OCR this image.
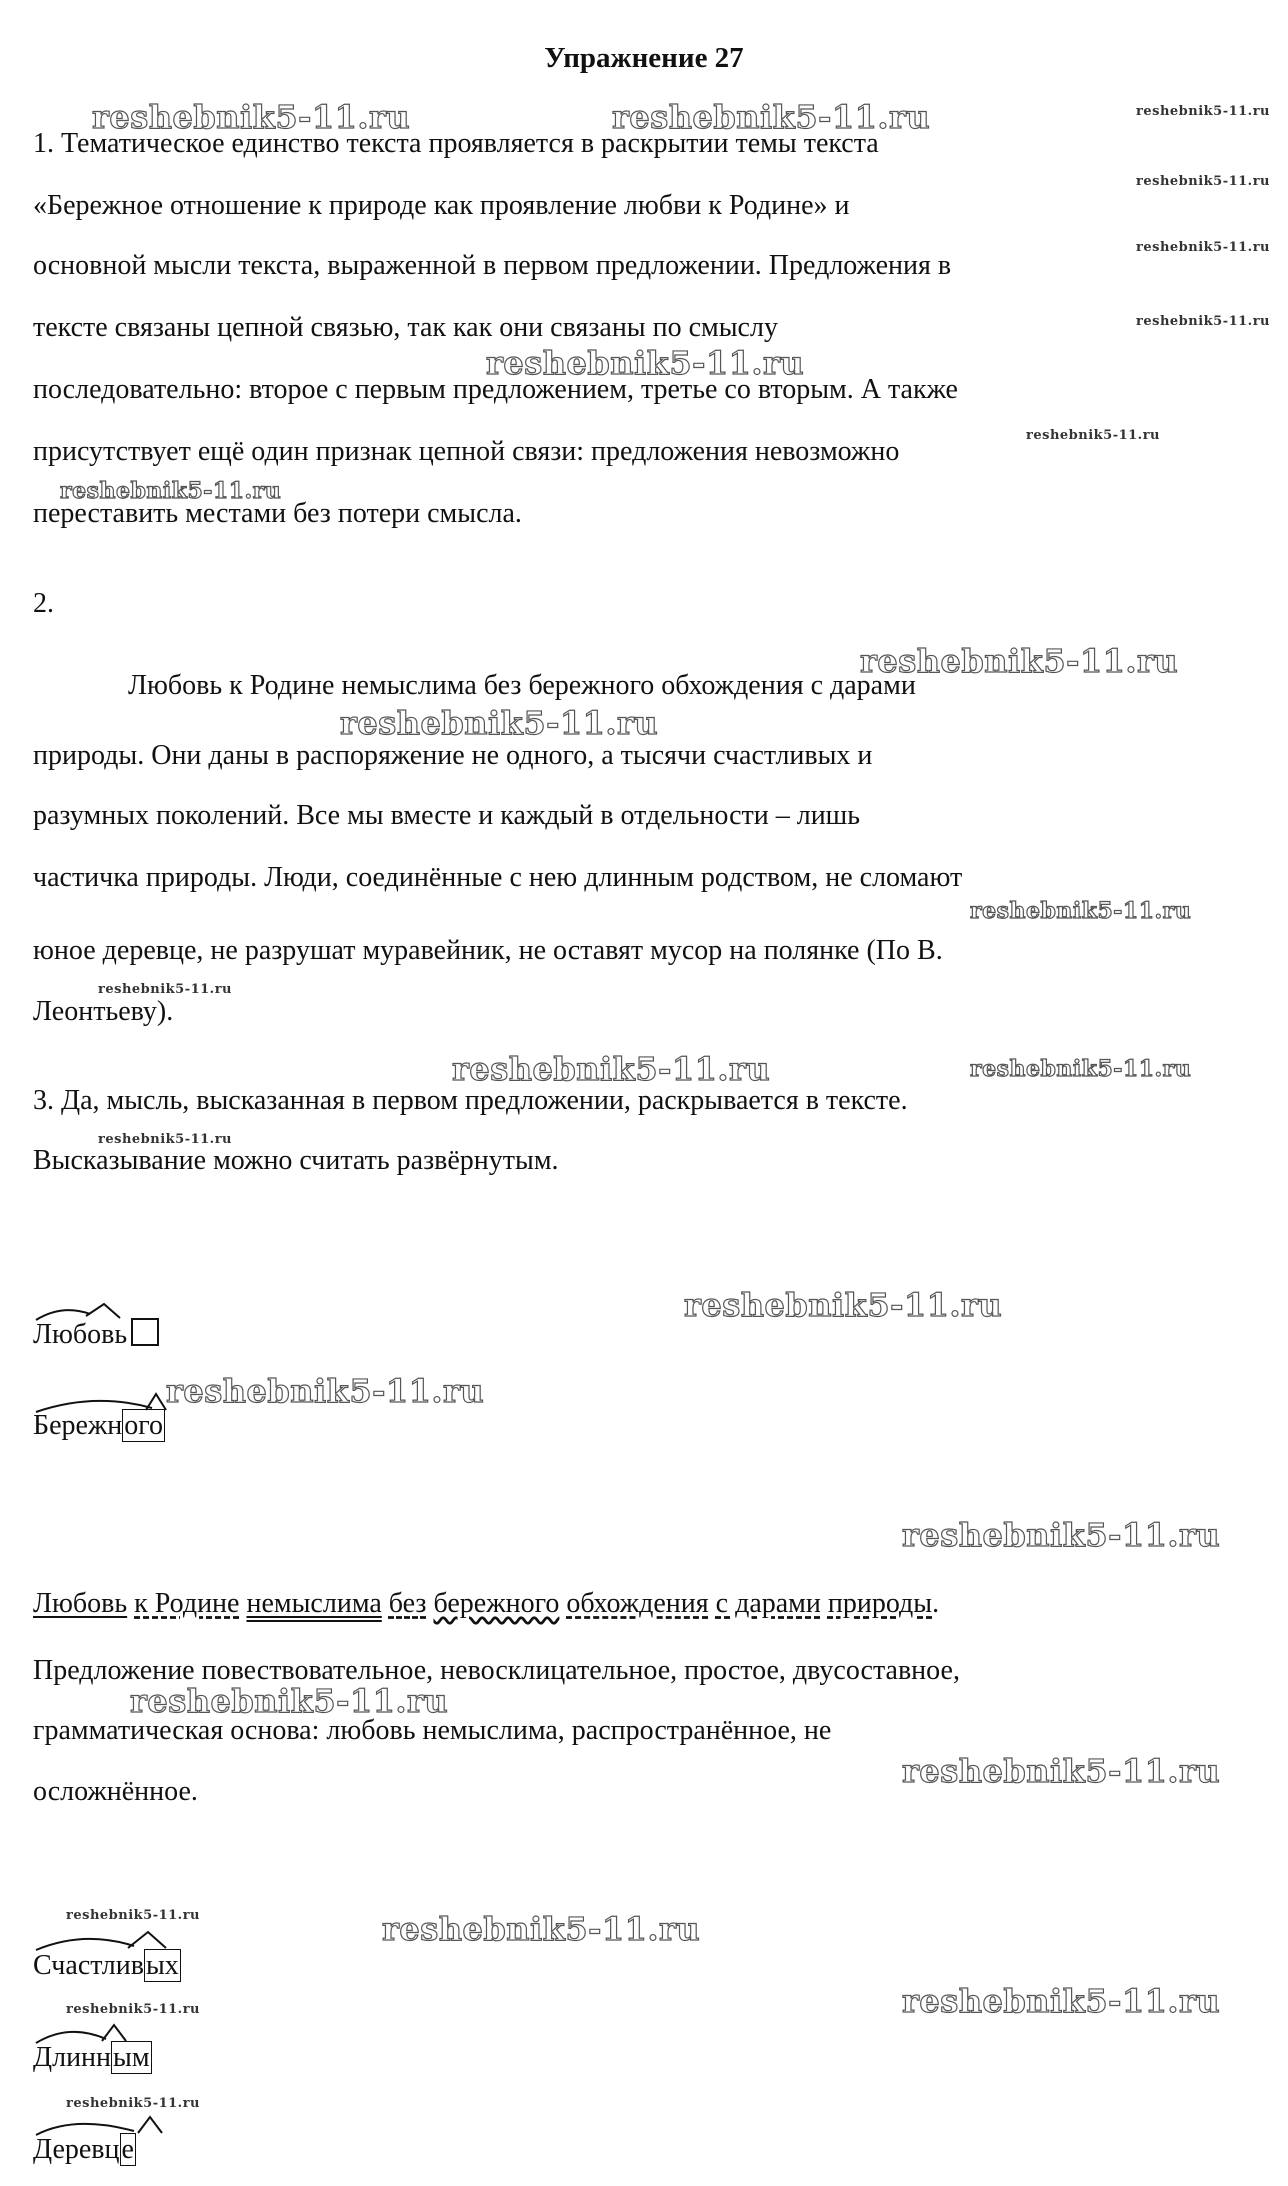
Упражнение 27
1. Тематическое единство текста проявляется в раскрытии темы текста
«Бережное отношение к природе как проявление любви к Родине» и
основной мысли текста, выраженной в первом предложении. Предложения в
тексте связаны цепной связью, так как они связаны по смыслу
последовательно: второе с первым предложением, третье со вторым. А также
присутствует ещё один признак цепной связи: предложения невозможно
переставить местами без потери смысла.
2.
Любовь к Родине немыслима без бережного обхождения с дарами
природы. Они даны в распоряжение не одного, а тысячи счастливых и
разумных поколений. Все мы вместе и каждый в отдельности – лишь
частичка природы. Люди, соединённые с нею длинным родством, не сломают
юное деревце, не разрушат муравейник, не оставят мусор на полянке (По В.
Леонтьеву).
3. Да, мысль, высказанная в первом предложении, раскрывается в тексте.
Высказывание можно считать развёрнутым.
Любовь
Бережного
Любовь к Родине немыслима без бережного обхождения с дарами природы.
Предложение повествовательное, невосклицательное, простое, двусоставное,
грамматическая основа: любовь немыслима, распространённое, не
осложнённое.
Счастливых
Длинным
Деревце
reshebnik5-11.ru	reshebnik5-11.ru	reshebnik5-11.ru
reshebnik5-11.ru
reshebnik5-11.ru
reshebnik5-11.ru
reshebnik5-11.ru
reshebnik5-11.ru
reshebnik5-11.ru
reshebnik5-11.ru
reshebnik5-11.ru
reshebnik5-11.ru
reshebnik5-11.ru
reshebnik5-11.ru	reshebnik5-11.ru
reshebnik5-11.ru
reshebnik5-11.ru
reshebnik5-11.ru
reshebnik5-11.ru
reshebnik5-11.ru
reshebnik5-11.ru
reshebnik5-11.ru	reshebnik5-11.ru
reshebnik5-11.ru
reshebnik5-11.ru
reshebnik5-11.ru
